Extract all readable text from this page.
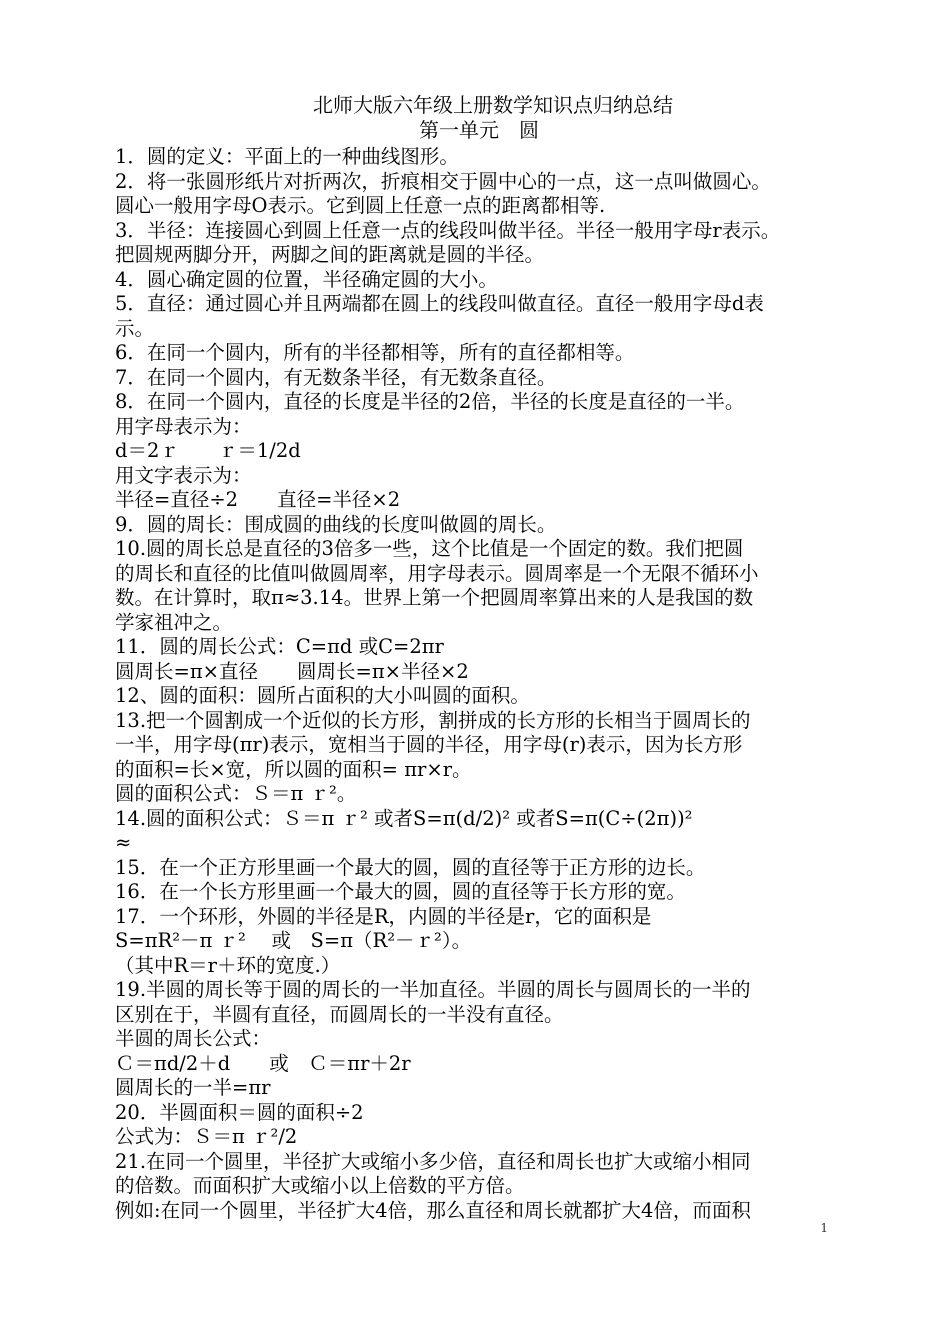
北师大版六年级上册数学知识点归纳总结
第一单元　圆
1．圆的定义：平面上的一种曲线图形。
2．将一张圆形纸片对折两次，折痕相交于圆中心的一点，这一点叫做圆心。
圆心一般用字母O表示。它到圆上任意一点的距离都相等.
3．半径：连接圆心到圆上任意一点的线段叫做半径。半径一般用字母r表示。
把圆规两脚分开，两脚之间的距离就是圆的半径。
4．圆心确定圆的位置，半径确定圆的大小。
5．直径：通过圆心并且两端都在圆上的线段叫做直径。直径一般用字母d表
示。
6．在同一个圆内，所有的半径都相等，所有的直径都相等。
7．在同一个圆内，有无数条半径，有无数条直径。
8．在同一个圆内，直径的长度是半径的2倍，半径的长度是直径的一半。
用字母表示为：
d＝2ｒ　　ｒ＝1/2d
用文字表示为：
半径=直径÷2　　直径=半径×2
9．圆的周长：围成圆的曲线的长度叫做圆的周长。
10.圆的周长总是直径的3倍多一些，这个比值是一个固定的数。我们把圆
的周长和直径的比值叫做圆周率，用字母表示。圆周率是一个无限不循环小
数。在计算时，取π≈3.14。世界上第一个把圆周率算出来的人是我国的数
学家祖冲之。
11．圆的周长公式：C=πd 或C=2πr
圆周长=π×直径　　圆周长=π×半径×2
12、圆的面积：圆所占面积的大小叫圆的面积。
13.把一个圆割成一个近似的长方形，割拼成的长方形的长相当于圆周长的
一半，用字母(πr)表示，宽相当于圆的半径，用字母(r)表示，因为长方形
的面积=长×宽，所以圆的面积= πr×r。
圆的面积公式：Ｓ＝π ｒ²。
14.圆的面积公式：Ｓ＝π ｒ² 或者S=π(d/2)² 或者S=π(C÷(2π))²
≈
15．在一个正方形里画一个最大的圆，圆的直径等于正方形的边长。
16．在一个长方形里画一个最大的圆，圆的直径等于长方形的宽。
17．一个环形，外圆的半径是R，内圆的半径是r，它的面积是
S=πR²－π ｒ²　 或　S=π（R²－ｒ²）。
（其中R＝r＋环的宽度.）
19.半圆的周长等于圆的周长的一半加直径。半圆的周长与圆周长的一半的
区别在于，半圆有直径，而圆周长的一半没有直径。
半圆的周长公式：
Ｃ＝πd/2＋d　　或　Ｃ＝πr＋2r
圆周长的一半=πr
20．半圆面积＝圆的面积÷2
公式为：Ｓ＝π ｒ²/2
21.在同一个圆里，半径扩大或缩小多少倍，直径和周长也扩大或缩小相同
的倍数。而面积扩大或缩小以上倍数的平方倍。
例如:在同一个圆里，半径扩大4倍，那么直径和周长就都扩大4倍，而面积
1
